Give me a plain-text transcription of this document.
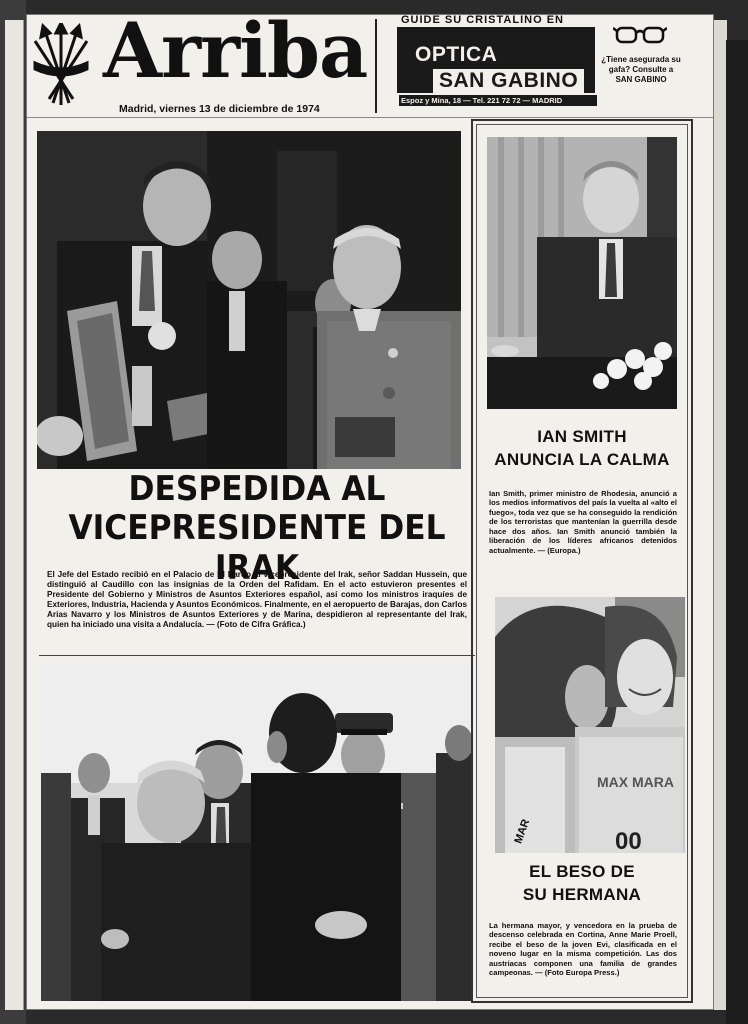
Arriba
Madrid, viernes 13 de diciembre de 1974
GUIDE SU CRISTALINO EN
OPTICA
SAN GABINO
Espoz y Mina, 18 — Tel. 221 72 72 — MADRID
¿Tiene asegurada su gafa? Consulte a SAN GABINO
DESPEDIDA AL
VICEPRESIDENTE DEL IRAK
El Jefe del Estado recibió en el Palacio de El Pardo al vicepresidente del Irak, señor Saddan Hussein, que distinguió al Caudillo con las insignias de la Orden del Rafidam. En el acto estuvieron presentes el Presidente del Gobierno y Ministros de Asuntos Exteriores español, así como los ministros iraquíes de Exteriores, Industria, Hacienda y Asuntos Económicos. Finalmente, en el aeropuerto de Barajas, don Carlos Arias Navarro y los Ministros de Asuntos Exteriores y de Marina, despidieron al representante del Irak, quien ha iniciado una visita a Andalucía. — (Foto de Cifra Gráfica.)
IAN SMITH
ANUNCIA LA CALMA
Ian Smith, primer ministro de Rhodesia, anunció a los medios informativos del país la vuelta al «alto el fuego», toda vez que se ha conseguido la rendición de los terroristas que mantenían la guerrilla desde hace dos años. Ian Smith anunció también la liberación de los líderes africanos detenidos actualmente. — (Europa.)
MAR
MAX MARA
00
EL BESO DE
SU HERMANA
La hermana mayor, y vencedora en la prueba de descenso celebrada en Cortina, Anne Marie Proell, recibe el beso de la joven Evi, clasificada en el noveno lugar en la misma competición. Las dos austriacas componen una familia de grandes campeonas. — (Foto Europa Press.)
